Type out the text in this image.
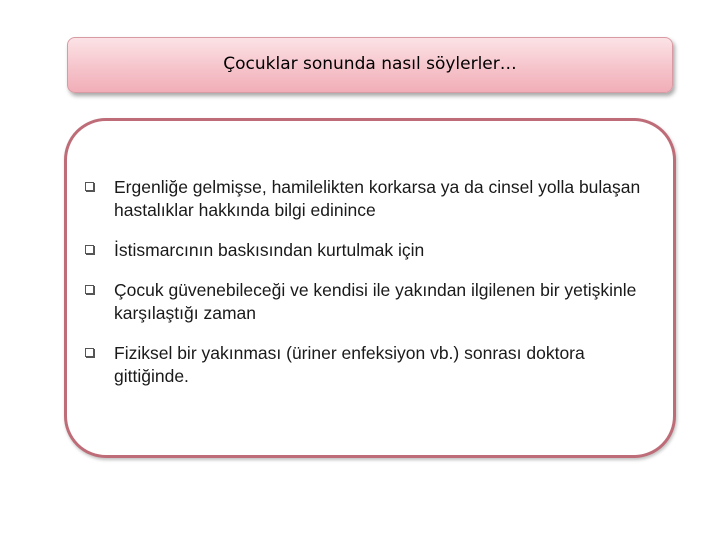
Çocuklar sonunda nasıl söylerler…
Ergenliğe gelmişse, hamilelikten korkarsa ya da cinsel yolla bulaşan hastalıklar hakkında bilgi edinince
İstismarcının baskısından kurtulmak için
Çocuk güvenebileceği ve kendisi ile yakından ilgilenen bir yetişkinle karşılaştığı zaman
Fiziksel bir yakınması (üriner enfeksiyon vb.) sonrası doktora gittiğinde.
